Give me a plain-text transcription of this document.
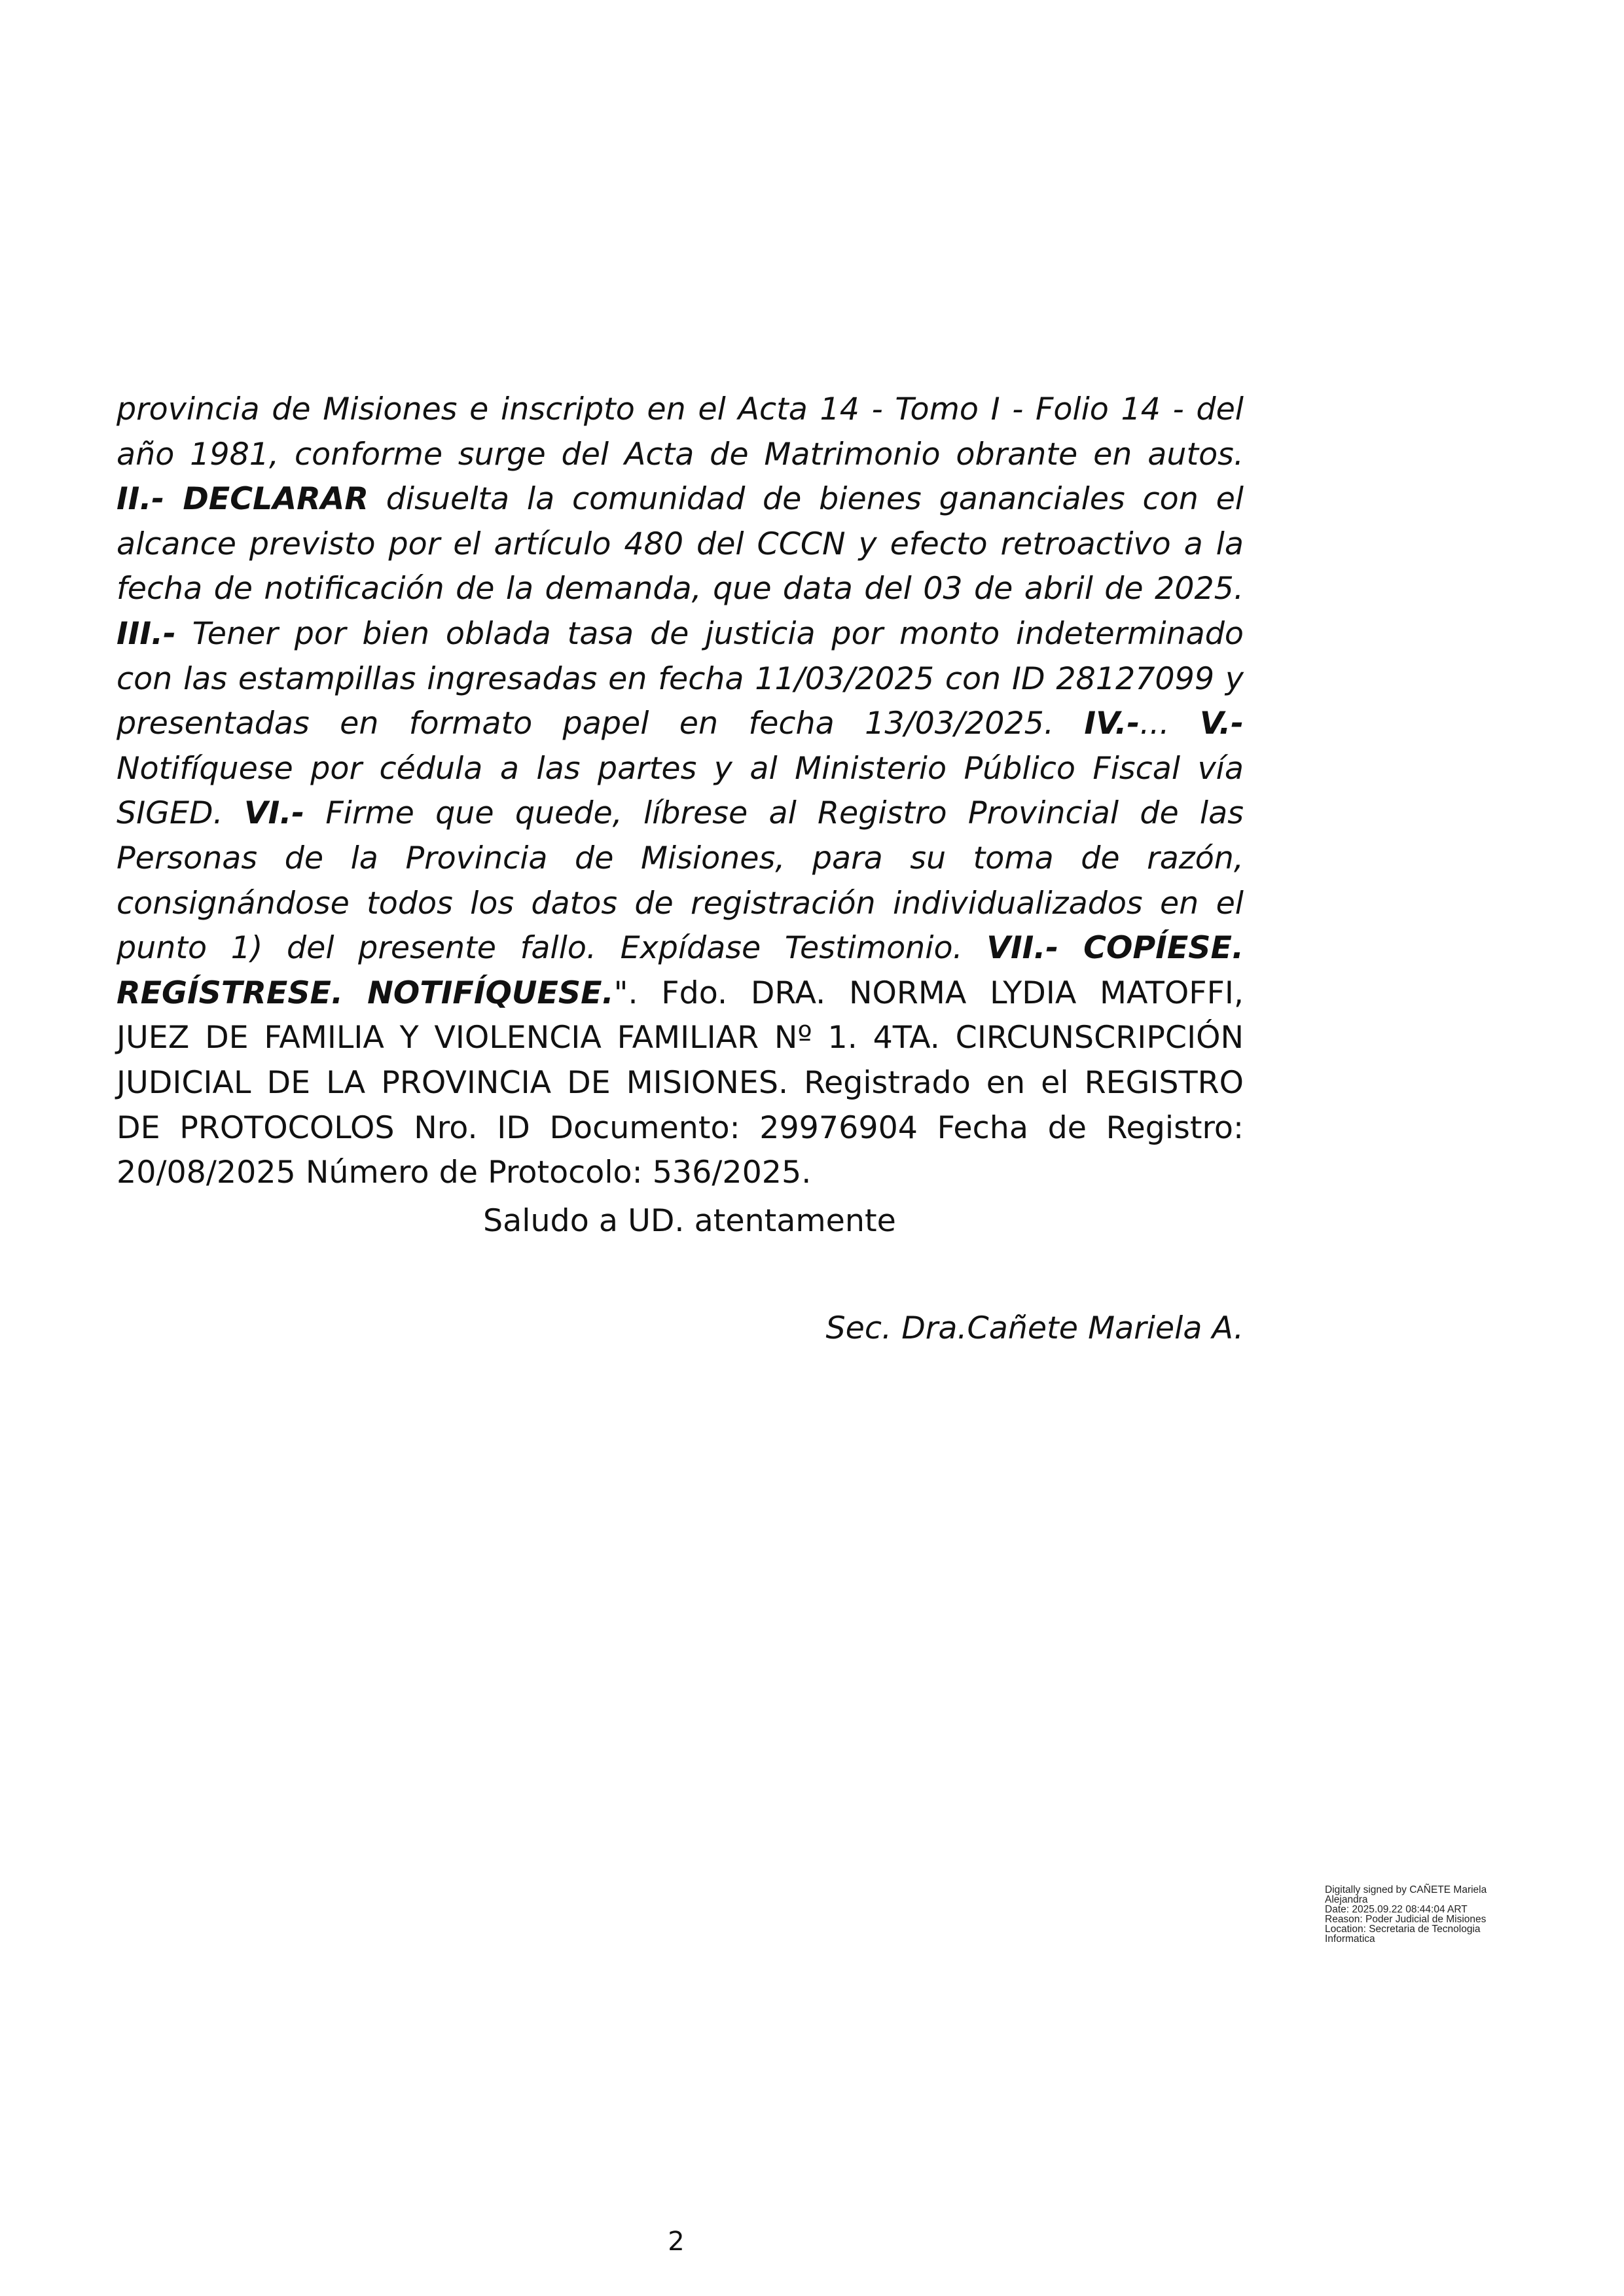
provincia de Misiones e inscripto en el Acta 14 - Tomo I - Folio 14 - del año 1981, conforme surge del Acta de Matrimonio obrante en autos. II.- DECLARAR disuelta la comunidad de bienes gananciales con el alcance previsto por el artículo 480 del CCCN y efecto retroactivo a la fecha de notificación de la demanda, que data del 03 de abril de 2025. III.- Tener por bien oblada tasa de justicia por monto indeterminado con las estampillas ingresadas en fecha 11/03/2025 con ID 28127099 y presentadas en formato papel en fecha 13/03/2025. IV.-... V.- Notifíquese por cédula a las partes y al Ministerio Público Fiscal vía SIGED. VI.- Firme que quede, líbrese al Registro Provincial de las Personas de la Provincia de Misiones, para su toma de razón, consignándose todos los datos de registración individualizados en el punto 1) del presente fallo. Expídase Testimonio. VII.- COPÍESE. REGÍSTRESE. NOTIFÍQUESE.". Fdo. DRA. NORMA LYDIA MATOFFI, JUEZ DE FAMILIA Y VIOLENCIA FAMILIAR Nº 1. 4TA. CIRCUNSCRIPCIÓN JUDICIAL DE LA PROVINCIA DE MISIONES. Registrado en el REGISTRO DE PROTOCOLOS Nro. ID Documento: 29976904 Fecha de Registro: 20/08/2025 Número de Protocolo: 536/2025.

Saludo a UD. atentamente

Sec. Dra.Cañete Mariela A.

Digitally signed by CAÑETE Mariela Alejandra
Date: 2025.09.22 08:44:04 ART
Reason: Poder Judicial de Misiones
Location: Secretaria de Tecnologia Informatica

2
